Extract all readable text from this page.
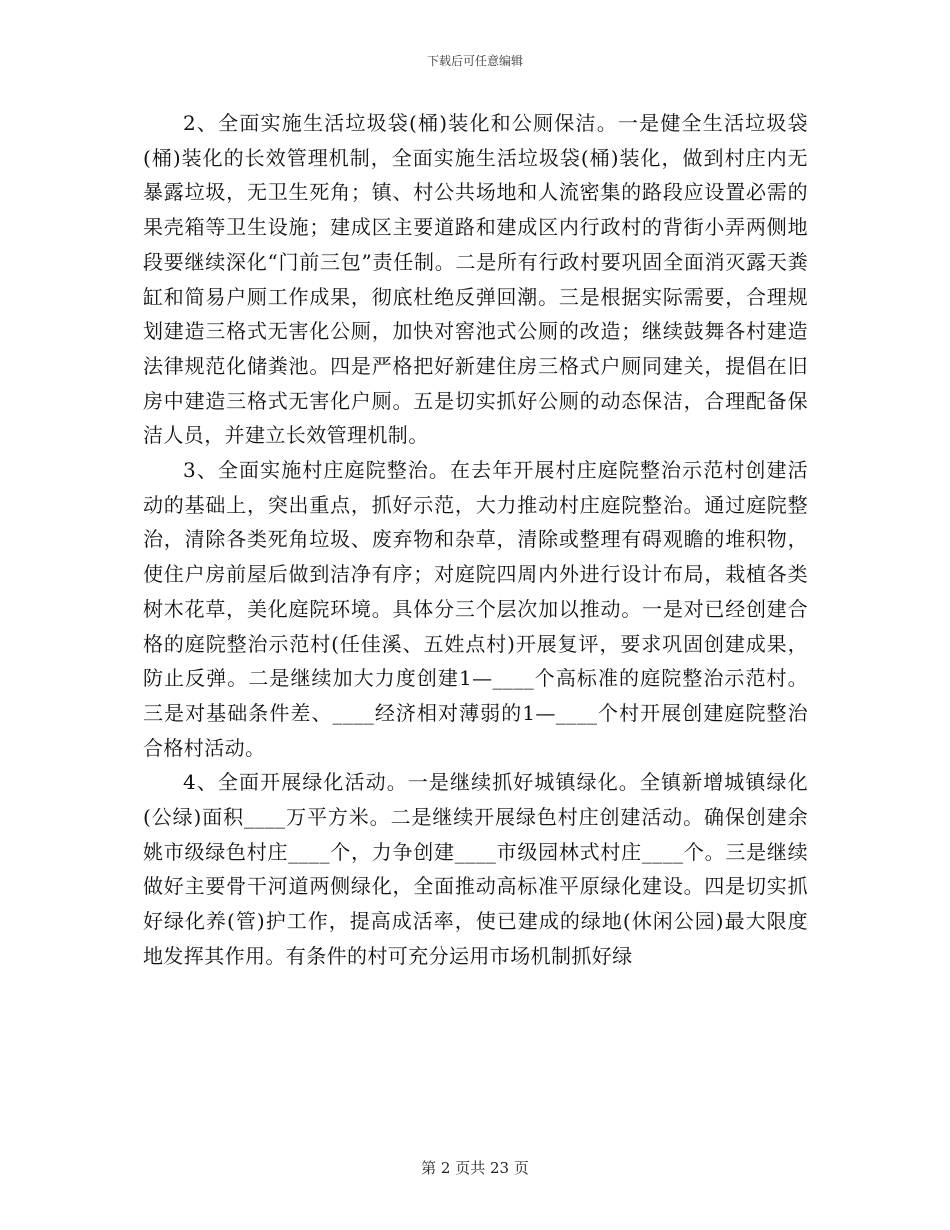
下载后可任意编辑

2、全面实施生活垃圾袋(桶)装化和公厕保洁。一是健全生活垃圾袋(桶)装化的长效管理机制，全面实施生活垃圾袋(桶)装化，做到村庄内无暴露垃圾，无卫生死角；镇、村公共场地和人流密集的路段应设置必需的果壳箱等卫生设施；建成区主要道路和建成区内行政村的背街小弄两侧地段要继续深化“门前三包”责任制。二是所有行政村要巩固全面消灭露天粪缸和简易户厕工作成果，彻底杜绝反弹回潮。三是根据实际需要，合理规划建造三格式无害化公厕，加快对窖池式公厕的改造；继续鼓舞各村建造法律规范化储粪池。四是严格把好新建住房三格式户厕同建关，提倡在旧房中建造三格式无害化户厕。五是切实抓好公厕的动态保洁，合理配备保洁人员，并建立长效管理机制。

3、全面实施村庄庭院整治。在去年开展村庄庭院整治示范村创建活动的基础上，突出重点，抓好示范，大力推动村庄庭院整治。通过庭院整治，清除各类死角垃圾、废弃物和杂草，清除或整理有碍观瞻的堆积物，使住户房前屋后做到洁净有序；对庭院四周内外进行设计布局，栽植各类树木花草，美化庭院环境。具体分三个层次加以推动。一是对已经创建合格的庭院整治示范村(任佳溪、五姓点村)开展复评，要求巩固创建成果，防止反弹。二是继续加大力度创建1—____个高标准的庭院整治示范村。三是对基础条件差、____经济相对薄弱的1—____个村开展创建庭院整治合格村活动。

4、全面开展绿化活动。一是继续抓好城镇绿化。全镇新增城镇绿化(公绿)面积____万平方米。二是继续开展绿色村庄创建活动。确保创建余姚市级绿色村庄____个，力争创建____市级园林式村庄____个。三是继续做好主要骨干河道两侧绿化，全面推动高标准平原绿化建设。四是切实抓好绿化养(管)护工作，提高成活率，使已建成的绿地(休闲公园)最大限度地发挥其作用。有条件的村可充分运用市场机制抓好绿

第 2 页共 23 页
